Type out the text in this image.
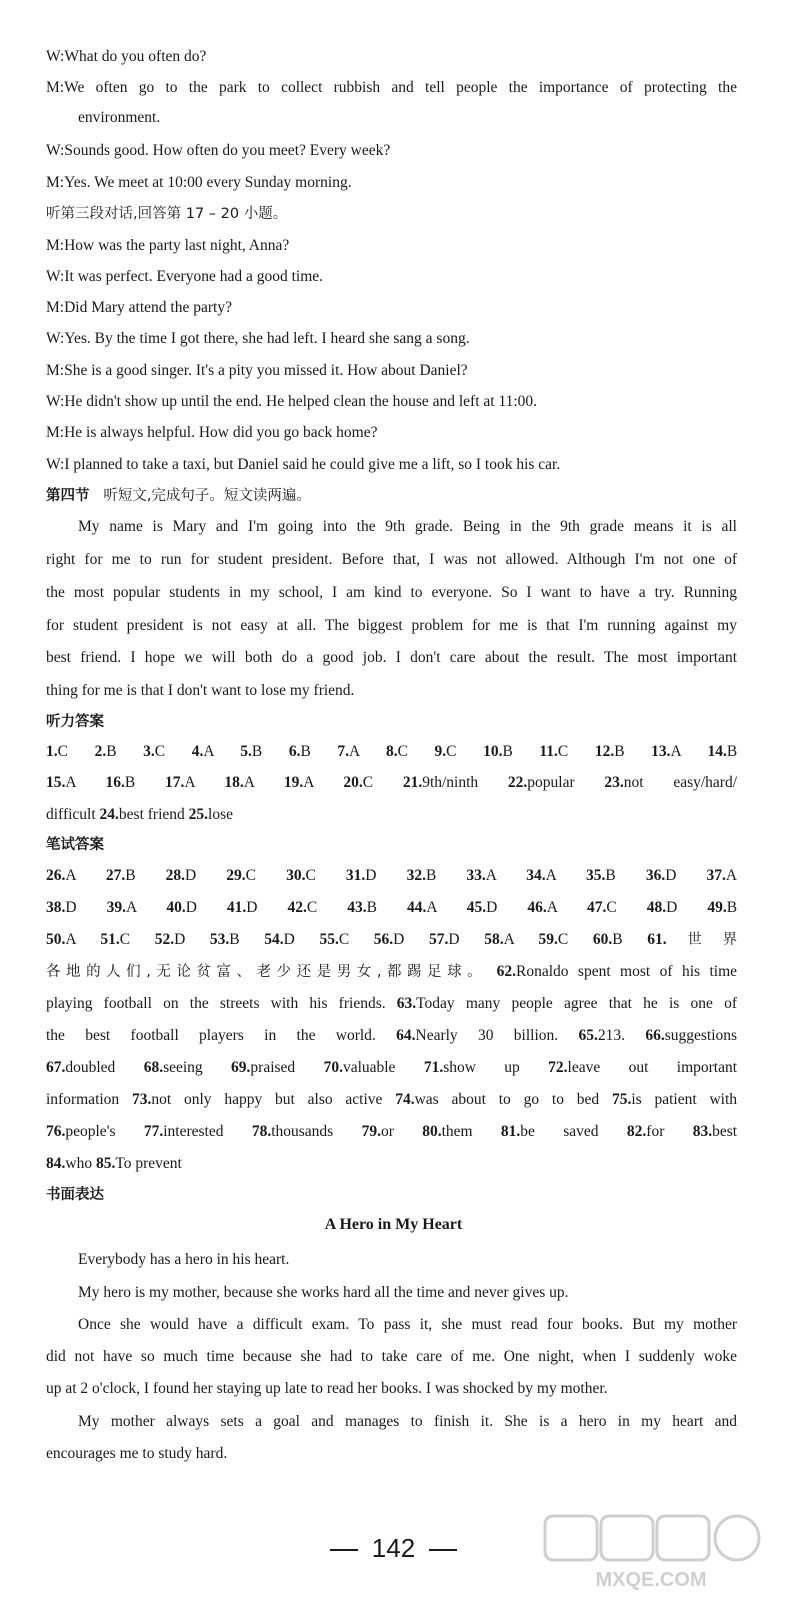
W:What do you often do?
M:We often go to the park to collect rubbish and tell people the importance of protecting the
environment.
W:Sounds good. How often do you meet? Every week?
M:Yes. We meet at 10:00 every Sunday morning.
听第三段对话,回答第 17 – 20 小题。
M:How was the party last night, Anna?
W:It was perfect. Everyone had a good time.
M:Did Mary attend the party?
W:Yes. By the time I got there, she had left. I heard she sang a song.
M:She is a good singer. It's a pity you missed it. How about Daniel?
W:He didn't show up until the end. He helped clean the house and left at 11:00.
M:He is always helpful. How did you go back home?
W:I planned to take a taxi, but Daniel said he could give me a lift, so I took his car.
第四节 听短文,完成句子。短文读两遍。
My name is Mary and I'm going into the 9th grade. Being in the 9th grade means it is all
right for me to run for student president. Before that, I was not allowed. Although I'm not one of
the most popular students in my school, I am kind to everyone. So I want to have a try. Running
for student president is not easy at all. The biggest problem for me is that I'm running against my
best friend. I hope we will both do a good job. I don't care about the result. The most important
thing for me is that I don't want to lose my friend.
听力答案
1.C 2.B 3.C 4.A 5.B 6.B 7.A 8.C 9.C 10.B 11.C 12.B 13.A 14.B
15.A 16.B 17.A 18.A 19.A 20.C 21.9th/ninth 22.popular 23.not easy/hard/
difficult 24.best friend 25.lose
笔试答案
26.A 27.B 28.D 29.C 30.C 31.D 32.B 33.A 34.A 35.B 36.D 37.A
38.D 39.A 40.D 41.D 42.C 43.B 44.A 45.D 46.A 47.C 48.D 49.B
50.A 51.C 52.D 53.B 54.D 55.C 56.D 57.D 58.A 59.C 60.B 61.世界
各地的人们,无论贫富、老少还是男女,都踢足球。 62.Ronaldo spent most of his time
playing football on the streets with his friends. 63.Today many people agree that he is one of
the best football players in the world. 64.Nearly 30 billion. 65.213. 66.suggestions
67.doubled 68.seeing 69.praised 70.valuable 71.show up 72.leave out important
information 73.not only happy but also active 74.was about to go to bed 75.is patient with
76.people's 77.interested 78.thousands 79.or 80.them 81.be saved 82.for 83.best
84.who 85.To prevent
书面表达
A Hero in My Heart
Everybody has a hero in his heart.
My hero is my mother, because she works hard all the time and never gives up.
Once she would have a difficult exam. To pass it, she must read four books. But my mother
did not have so much time because she had to take care of me. One night, when I suddenly woke
up at 2 o'clock, I found her staying up late to read her books. I was shocked by my mother.
My mother always sets a goal and manages to finish it. She is a hero in my heart and
encourages me to study hard.
142
MXQE.COM
